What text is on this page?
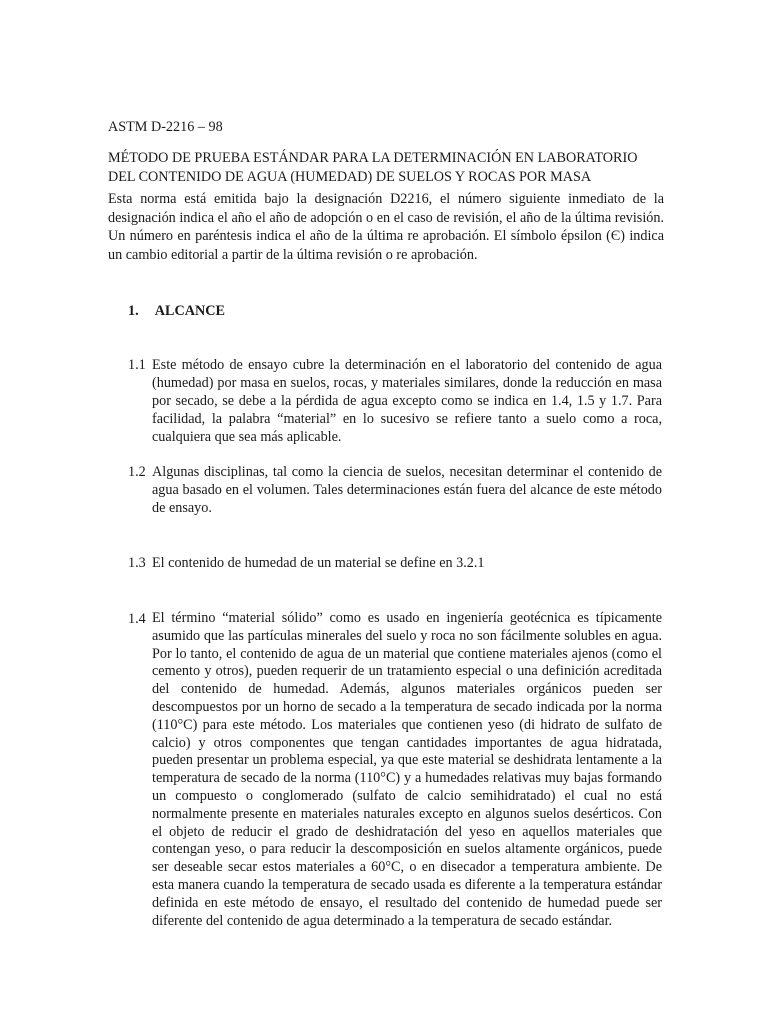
ASTM D-2216 – 98

MÉTODO DE PRUEBA ESTÁNDAR PARA LA DETERMINACIÓN EN LABORATORIO DEL CONTENIDO DE AGUA (HUMEDAD) DE SUELOS Y ROCAS POR MASA

Esta norma está emitida bajo la designación D2216, el número siguiente inmediato de la designación indica el año el año de adopción o en el caso de revisión, el año de la última revisión. Un número en paréntesis indica el año de la última re aprobación. El símbolo épsilon (Є) indica un cambio editorial a partir de la última revisión o re aprobación.

1. ALCANCE
1.1 Este método de ensayo cubre la determinación en el laboratorio del contenido de agua (humedad) por masa en suelos, rocas, y materiales similares, donde la reducción en masa por secado, se debe a la pérdida de agua excepto como se indica en 1.4, 1.5 y 1.7. Para facilidad, la palabra “material” en lo sucesivo se refiere tanto a suelo como a roca, cualquiera que sea más aplicable.

1.2 Algunas disciplinas, tal como la ciencia de suelos, necesitan determinar el contenido de agua basado en el volumen. Tales determinaciones están fuera del alcance de este método de ensayo.

1.3 El contenido de humedad de un material se define en 3.2.1

1.4 El término “material sólido” como es usado en ingeniería geotécnica es típicamente asumido que las partículas minerales del suelo y roca no son fácilmente solubles en agua. Por lo tanto, el contenido de agua de un material que contiene materiales ajenos (como el cemento y otros), pueden requerir de un tratamiento especial o una definición acreditada del contenido de humedad. Además, algunos materiales orgánicos pueden ser descompuestos por un horno de secado a la temperatura de secado indicada por la norma (110°C) para este método. Los materiales que contienen yeso (di hidrato de sulfato de calcio) y otros componentes que tengan cantidades importantes de agua hidratada, pueden presentar un problema especial, ya que este material se deshidrata lentamente a la temperatura de secado de la norma (110°C) y a humedades relativas muy bajas formando un compuesto o conglomerado (sulfato de calcio semihidratado) el cual no está normalmente presente en materiales naturales excepto en algunos suelos desérticos. Con el objeto de reducir el grado de deshidratación del yeso en aquellos materiales que contengan yeso, o para reducir la descomposición en suelos altamente orgánicos, puede ser deseable secar estos materiales a 60°C, o en disecador a temperatura ambiente. De esta manera cuando la temperatura de secado usada es diferente a la temperatura estándar definida en este método de ensayo, el resultado del contenido de humedad puede ser diferente del contenido de agua determinado a la temperatura de secado estándar.
